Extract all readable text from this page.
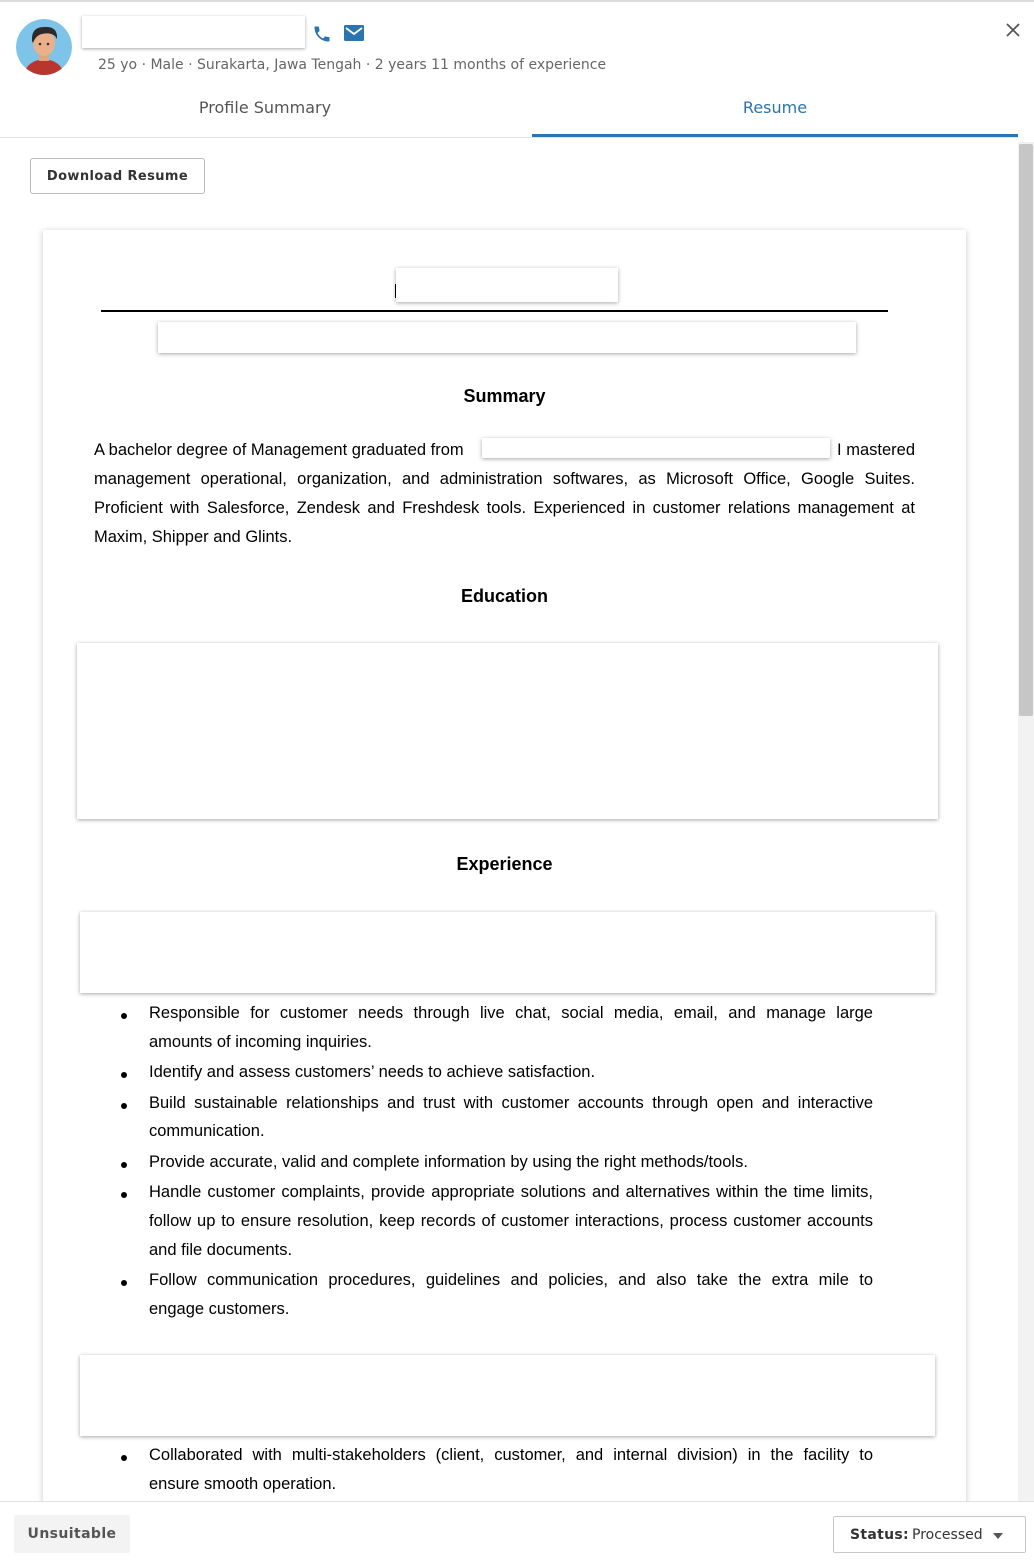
25 yo · Male · Surakarta, Jawa Tengah · 2 years 11 months of experience
Profile Summary	Resume
Download Resume
Summary
A bachelor degree of Management graduated from	I mastered
management operational, organization, and administration softwares, as Microsoft Office, Google Suites.
Proficient with Salesforce, Zendesk and Freshdesk tools. Experienced in customer relations management at
Maxim, Shipper and Glints.
Education
Experience
Responsible for customer needs through live chat, social media, email, and manage large
amounts of incoming inquiries.
Identify and assess customers’ needs to achieve satisfaction.
Build sustainable relationships and trust with customer accounts through open and interactive
communication.
Provide accurate, valid and complete information by using the right methods/tools.
Handle customer complaints, provide appropriate solutions and alternatives within the time limits,
follow up to ensure resolution, keep records of customer interactions, process customer accounts
and file documents.
Follow communication procedures, guidelines and policies, and also take the extra mile to
engage customers.
Collaborated with multi-stakeholders (client, customer, and internal division) in the facility to
ensure smooth operation.
Unsuitable	Status: Processed
